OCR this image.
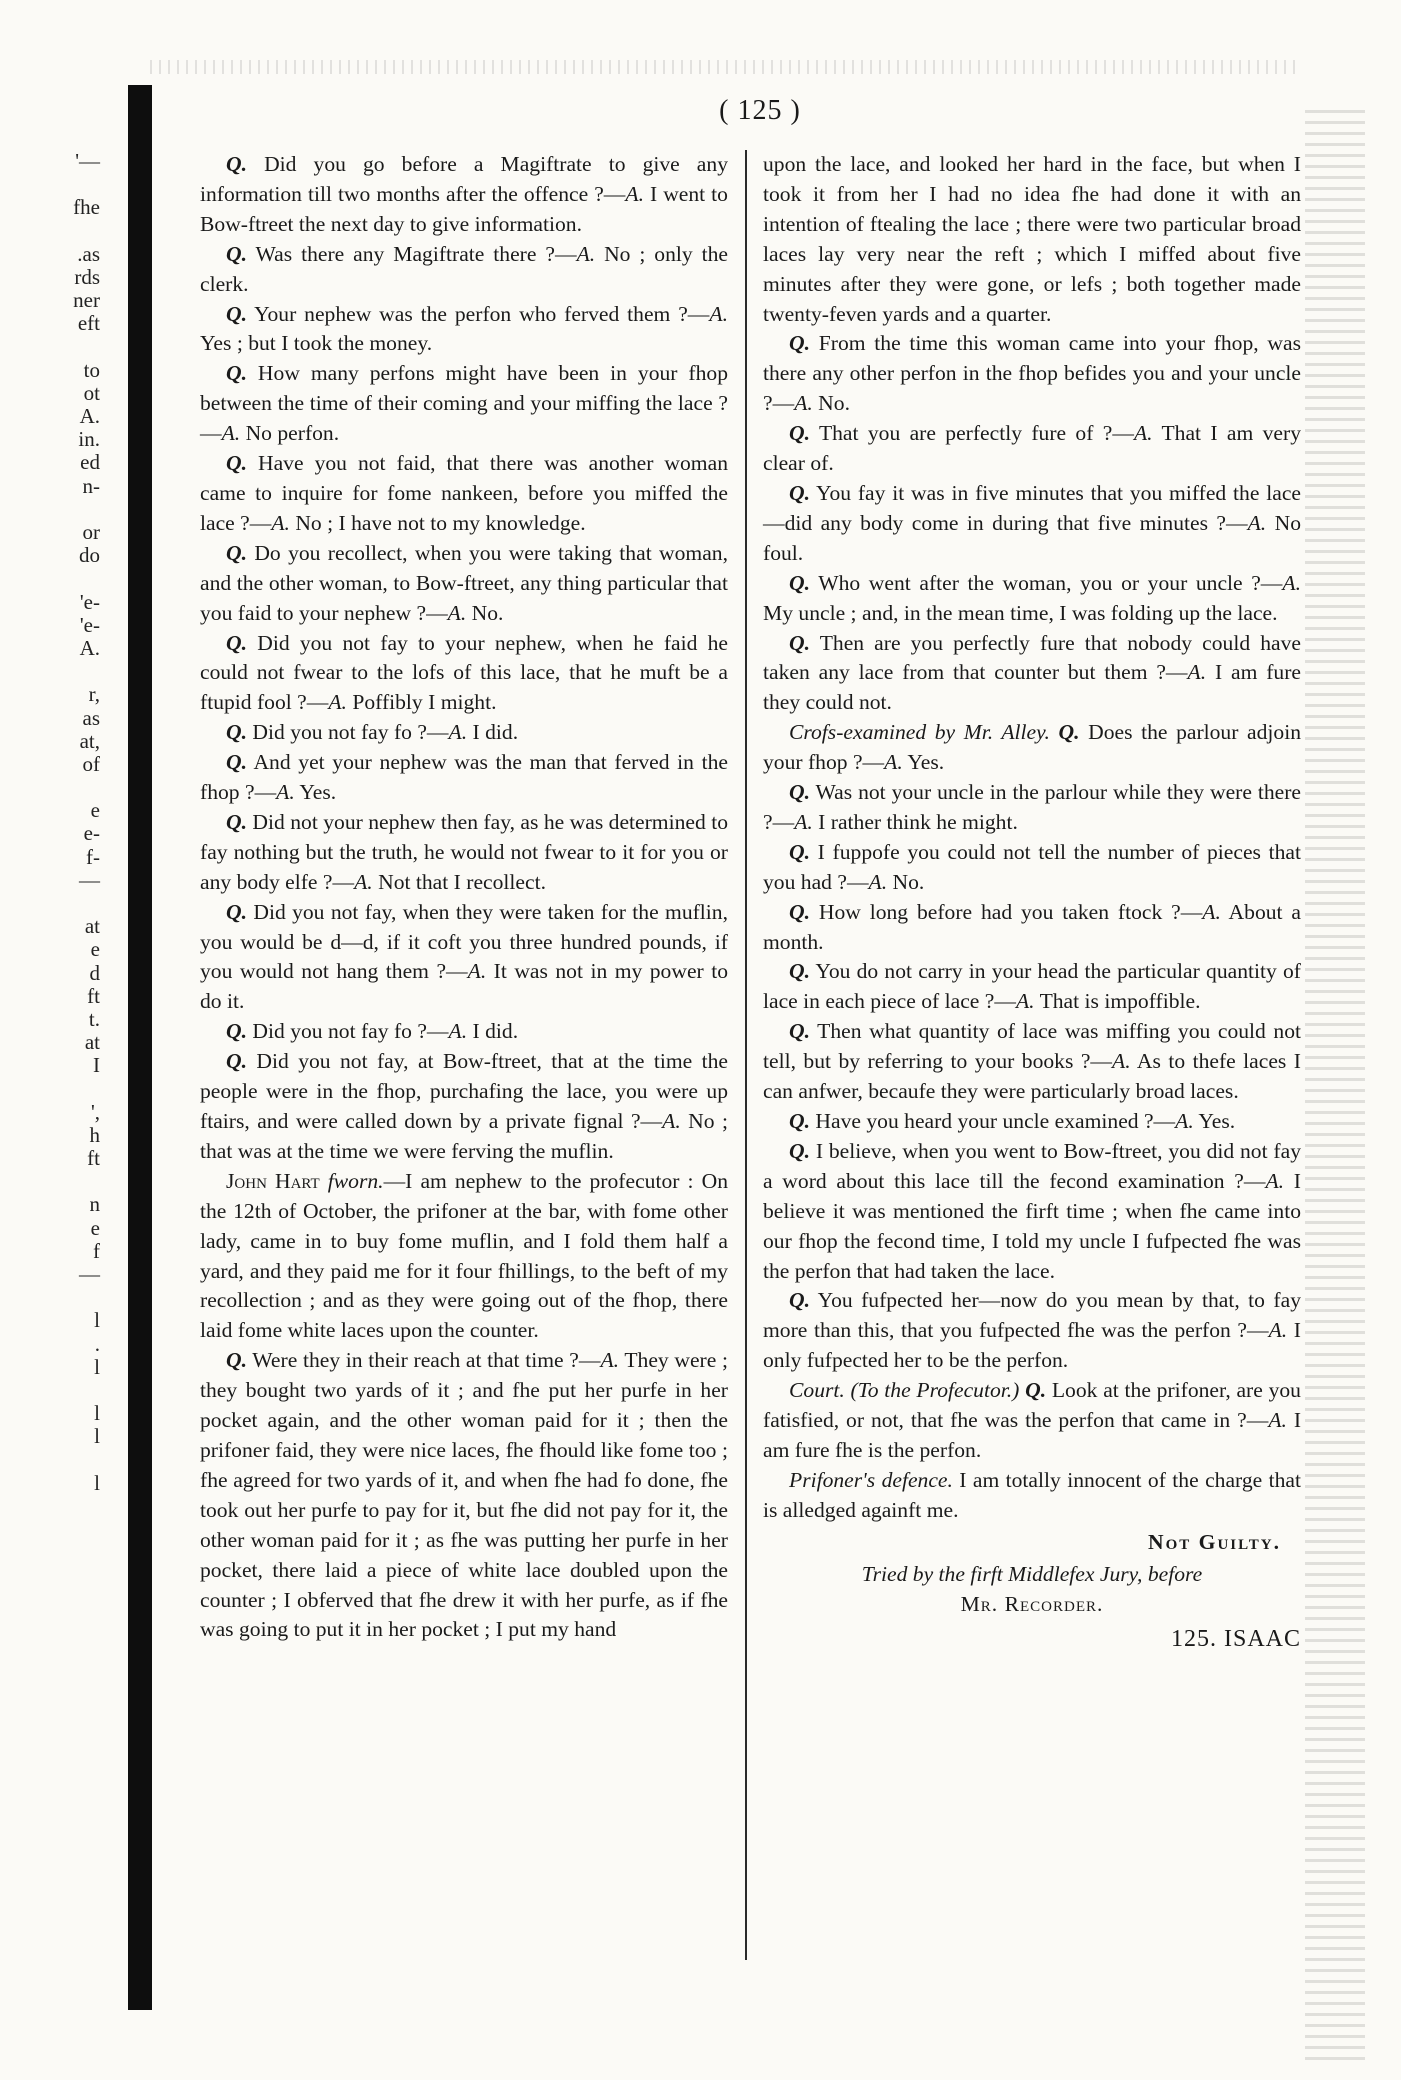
'—
fhe
.as
rds
ner
eft
to
ot
A.
in.
ed
n-
or
do
'e-
'e-
A.
r,
as
at,
of
e
e-
f-
—
at
e
d
ft
t.
at
I
',
h
ft
n
e
f
—
l
.
l
l
l
l
( 125 )

Q. Did you go before a Magiftrate to give any information till two months after the offence ?—A. I went to Bow-ftreet the next day to give information.

Q. Was there any Magiftrate there ?—A. No ; only the clerk.

Q. Your nephew was the perfon who ferved them ?—A. Yes ; but I took the money.

Q. How many perfons might have been in your fhop between the time of their coming and your miffing the lace ?—A. No perfon.

Q. Have you not faid, that there was another woman came to inquire for fome nankeen, before you miffed the lace ?—A. No ; I have not to my knowledge.

Q. Do you recollect, when you were taking that woman, and the other woman, to Bow-ftreet, any thing particular that you faid to your nephew ?—A. No.

Q. Did you not fay to your nephew, when he faid he could not fwear to the lofs of this lace, that he muft be a ftupid fool ?—A. Poffibly I might.

Q. Did you not fay fo ?—A. I did.

Q. And yet your nephew was the man that ferved in the fhop ?—A. Yes.

Q. Did not your nephew then fay, as he was determined to fay nothing but the truth, he would not fwear to it for you or any body elfe ?—A. Not that I recollect.

Q. Did you not fay, when they were taken for the muflin, you would be d—d, if it coft you three hundred pounds, if you would not hang them ?—A. It was not in my power to do it.

Q. Did you not fay fo ?—A. I did.

Q. Did you not fay, at Bow-ftreet, that at the time the people were in the fhop, purchafing the lace, you were up ftairs, and were called down by a private fignal ?—A. No ; that was at the time we were ferving the muflin.

John Hart fworn.—I am nephew to the profecutor : On the 12th of October, the prifoner at the bar, with fome other lady, came in to buy fome muflin, and I fold them half a yard, and they paid me for it four fhillings, to the beft of my recollection ; and as they were going out of the fhop, there laid fome white laces upon the counter.

Q. Were they in their reach at that time ?—A. They were ; they bought two yards of it ; and fhe put her purfe in her pocket again, and the other woman paid for it ; then the prifoner faid, they were nice laces, fhe fhould like fome too ; fhe agreed for two yards of it, and when fhe had fo done, fhe took out her purfe to pay for it, but fhe did not pay for it, the other woman paid for it ; as fhe was putting her purfe in her pocket, there laid a piece of white lace doubled upon the counter ; I obferved that fhe drew it with her purfe, as if fhe was going to put it in her pocket ; I put my hand

upon the lace, and looked her hard in the face, but when I took it from her I had no idea fhe had done it with an intention of ftealing the lace ; there were two particular broad laces lay very near the reft ; which I miffed about five minutes after they were gone, or lefs ; both together made twenty-feven yards and a quarter.

Q. From the time this woman came into your fhop, was there any other perfon in the fhop befides you and your uncle ?—A. No.

Q. That you are perfectly fure of ?—A. That I am very clear of.

Q. You fay it was in five minutes that you miffed the lace—did any body come in during that five minutes ?—A. No foul.

Q. Who went after the woman, you or your uncle ?—A. My uncle ; and, in the mean time, I was folding up the lace.

Q. Then are you perfectly fure that nobody could have taken any lace from that counter but them ?—A. I am fure they could not.

Crofs-examined by Mr. Alley. Q. Does the parlour adjoin your fhop ?—A. Yes.

Q. Was not your uncle in the parlour while they were there ?—A. I rather think he might.

Q. I fuppofe you could not tell the number of pieces that you had ?—A. No.

Q. How long before had you taken ftock ?—A. About a month.

Q. You do not carry in your head the particular quantity of lace in each piece of lace ?—A. That is impoffible.

Q. Then what quantity of lace was miffing you could not tell, but by referring to your books ?—A. As to thefe laces I can anfwer, becaufe they were particularly broad laces.

Q. Have you heard your uncle examined ?—A. Yes.

Q. I believe, when you went to Bow-ftreet, you did not fay a word about this lace till the fecond examination ?—A. I believe it was mentioned the firft time ; when fhe came into our fhop the fecond time, I told my uncle I fufpected fhe was the perfon that had taken the lace.

Q. You fufpected her—now do you mean by that, to fay more than this, that you fufpected fhe was the perfon ?—A. I only fufpected her to be the perfon.

Court. (To the Profecutor.) Q. Look at the prifoner, are you fatisfied, or not, that fhe was the perfon that came in ?—A. I am fure fhe is the perfon.

Prifoner's defence. I am totally innocent of the charge that is alledged againft me.

Not Guilty.
Tried by the firft Middlefex Jury, before
Mr. Recorder.
125. ISAAC
